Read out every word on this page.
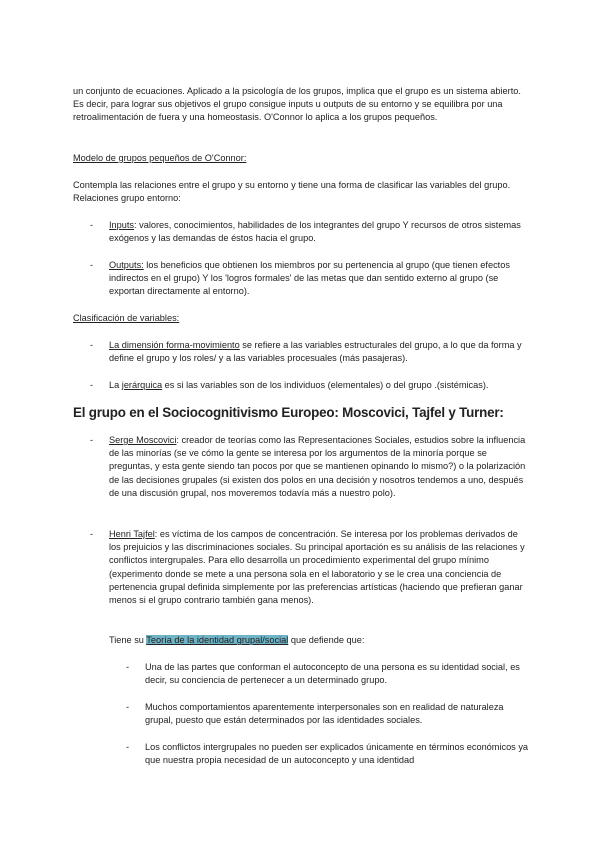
un conjunto de ecuaciones. Aplicado a la psicología de los grupos, implica que el grupo es un sistema abierto. Es decir, para lograr sus objetivos el grupo consigue inputs u outputs de su entorno y se equilibra por una retroalimentación de fuera y una homeostasis. O'Connor lo aplica a los grupos pequeños.

Modelo de grupos pequeños de O'Connor:

Contempla las relaciones entre el grupo y su entorno y tiene una forma de clasificar las variables del grupo. Relaciones grupo entorno:

- Inputs: valores, conocimientos, habilidades de los integrantes del grupo Y recursos de otros sistemas exógenos y las demandas de éstos hacia el grupo.

- Outputs: los beneficios que obtienen los miembros por su pertenencia al grupo (que tienen efectos indirectos en el grupo) Y los 'logros formales' de las metas que dan sentido externo al grupo (se exportan directamente al entorno).

Clasificación de variables:

- La dimensión forma-movimiento se refiere a las variables estructurales del grupo, a lo que da forma y define el grupo y los roles/ y a las variables procesuales (más pasajeras).

- La jerárquica es si las variables son de los individuos (elementales) o del grupo .(sistémicas).

El grupo en el Sociocognitivismo Europeo: Moscovici, Tajfel y Turner:

- Serge Moscovici: creador de teorías como las Representaciones Sociales, estudios sobre la influencia de las minorías (se ve cómo la gente se interesa por los argumentos de la minoría porque se preguntas, y esta gente siendo tan pocos por que se mantienen opinando lo mismo?) o la polarización de las decisiones grupales (si existen dos polos en una decisión y nosotros tendemos a uno, después de una discusión grupal, nos moveremos todavía más a nuestro polo).

- Henri Tajfel: es víctima de los campos de concentración. Se interesa por los problemas derivados de los prejuicios y las discriminaciones sociales. Su principal aportación es su análisis de las relaciones y conflictos intergrupales. Para ello desarrolla un procedimiento experimental del grupo mínimo (experimento donde se mete a una persona sola en el laboratorio y se le crea una conciencia de pertenencia grupal definida simplemente por las preferencias artísticas (haciendo que prefieran ganar menos si el grupo contrario también gana menos).

Tiene su Teoría de la identidad grupal/social que defiende que:

- Una de las partes que conforman el autoconcepto de una persona es su identidad social, es decir, su conciencia de pertenecer a un determinado grupo.

- Muchos comportamientos aparentemente interpersonales son en realidad de naturaleza grupal, puesto que están determinados por las identidades sociales.

- Los conflictos intergrupales no pueden ser explicados únicamente en términos económicos ya que nuestra propia necesidad de un autoconcepto y una identidad
